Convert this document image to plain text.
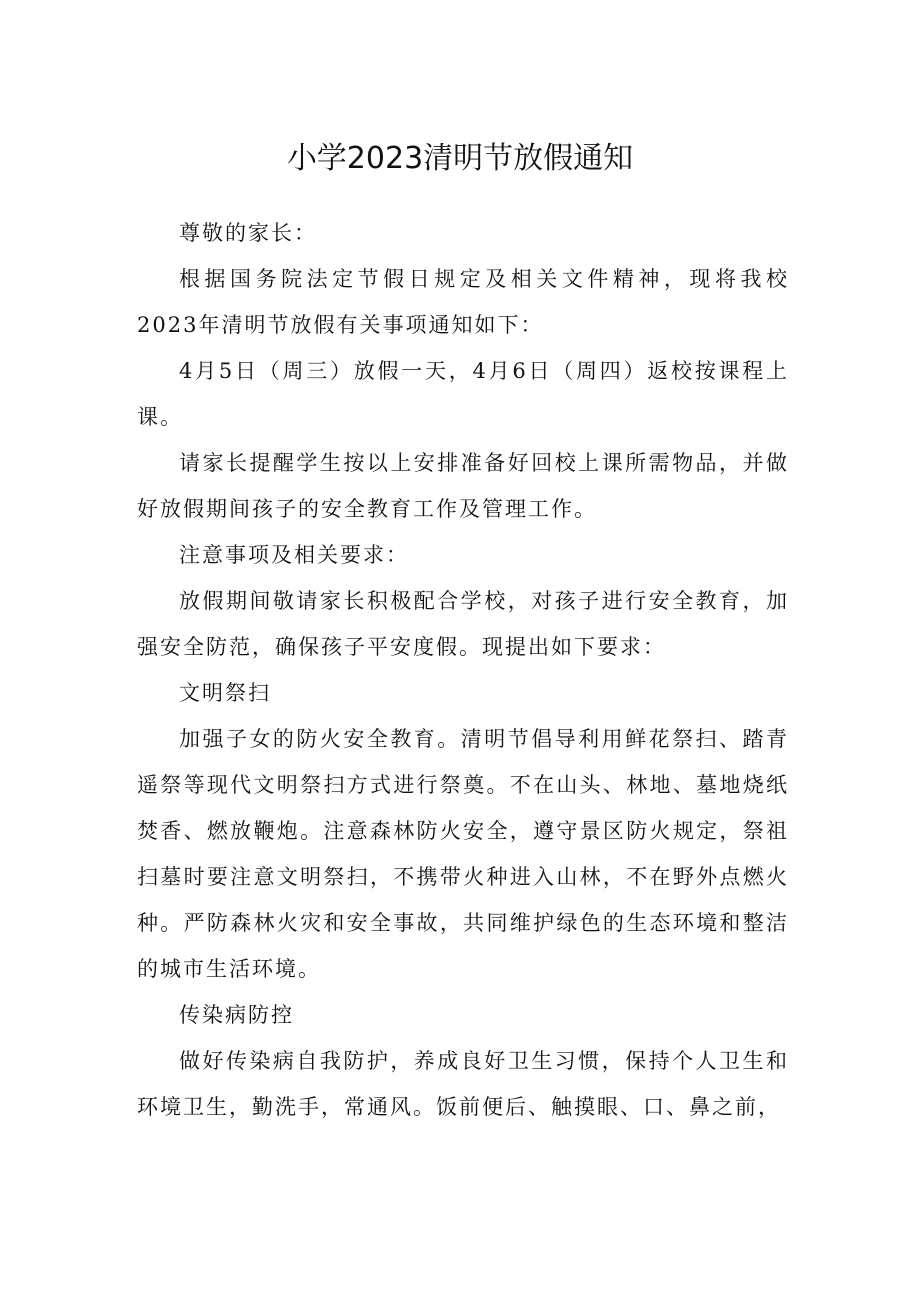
小学2023清明节放假通知

尊敬的家长：

根据国务院法定节假日规定及相关文件精神，现将我校2023年清明节放假有关事项通知如下：

4月5日（周三）放假一天，4月6日（周四）返校按课程上课。

请家长提醒学生按以上安排准备好回校上课所需物品，并做好放假期间孩子的安全教育工作及管理工作。

注意事项及相关要求：

放假期间敬请家长积极配合学校，对孩子进行安全教育，加强安全防范，确保孩子平安度假。现提出如下要求：

文明祭扫

加强子女的防火安全教育。清明节倡导利用鲜花祭扫、踏青遥祭等现代文明祭扫方式进行祭奠。不在山头、林地、墓地烧纸焚香、燃放鞭炮。注意森林防火安全，遵守景区防火规定，祭祖扫墓时要注意文明祭扫，不携带火种进入山林，不在野外点燃火种。严防森林火灾和安全事故，共同维护绿色的生态环境和整洁的城市生活环境。

传染病防控

做好传染病自我防护，养成良好卫生习惯，保持个人卫生和环境卫生，勤洗手，常通风。饭前便后、触摸眼、口、鼻之前，
